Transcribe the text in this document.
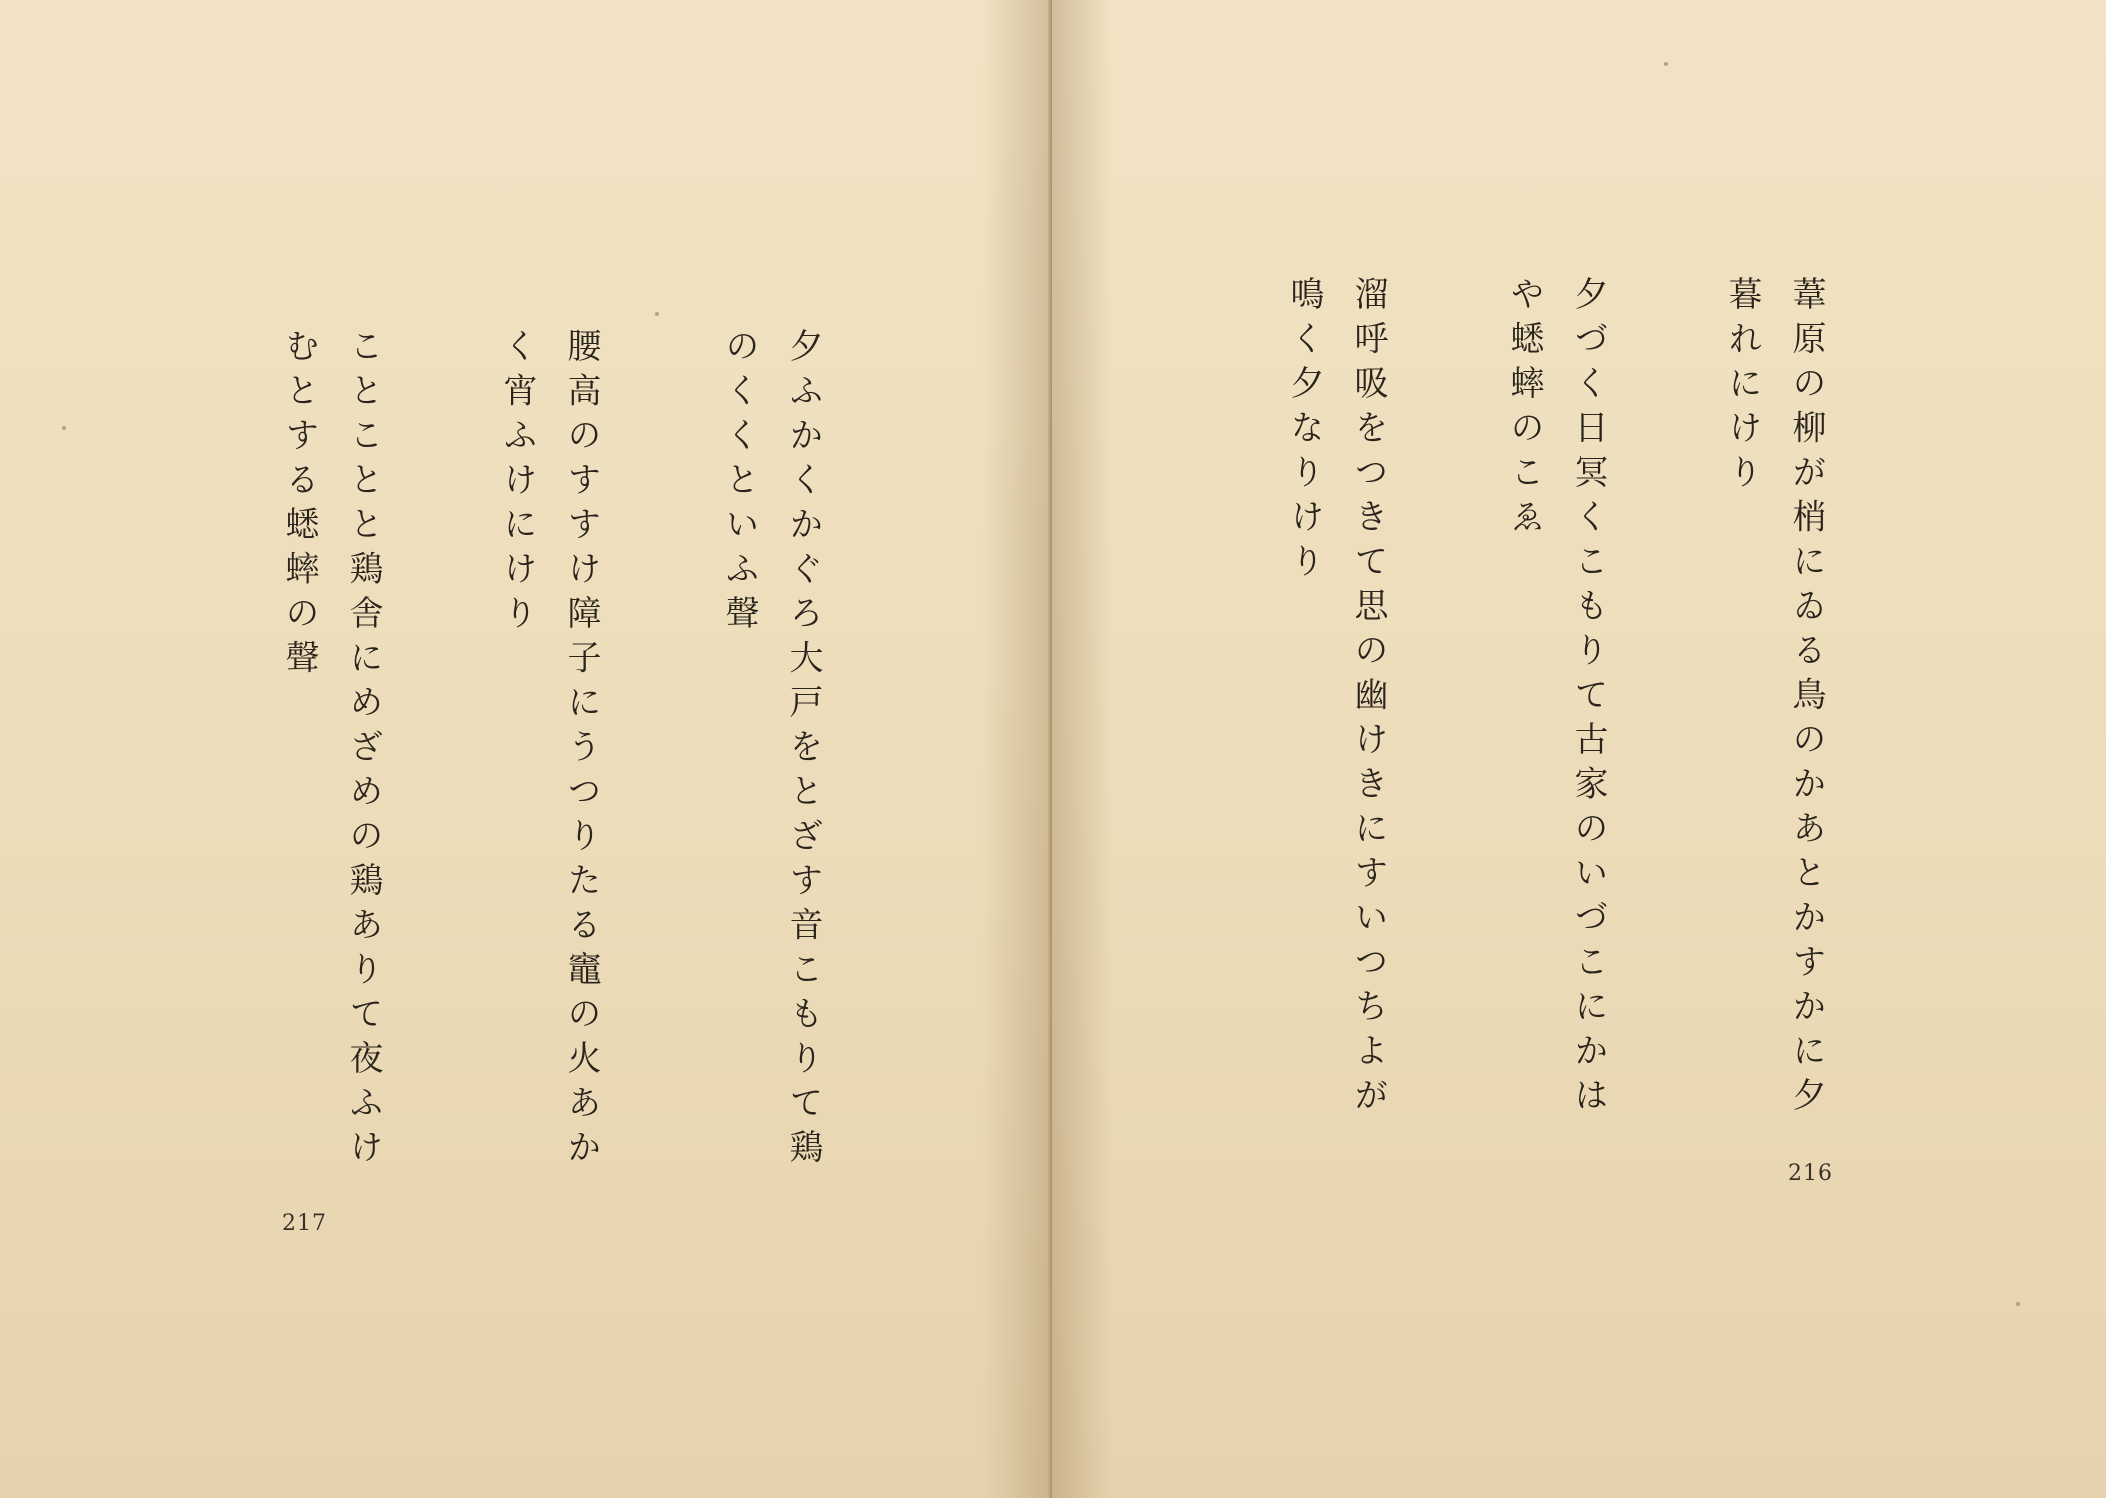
夕ふかくかぐろ大戸をとざす音こもりて鶏
のくくといふ聲
腰高のすすけ障子にうつりたる竈の火あか
く宵ふけにけり
ことことと鶏舎にめざめの鶏ありて夜ふけ
むとする蟋蟀の聲
217
葦原の柳が梢にゐる鳥のかあとかすかに夕
暮れにけり
夕づく日冥くこもりて古家のいづこにかは
や蟋蟀のこゑ
溜呼吸をつきて思の幽けきにすいつちよが
鳴く夕なりけり
216
